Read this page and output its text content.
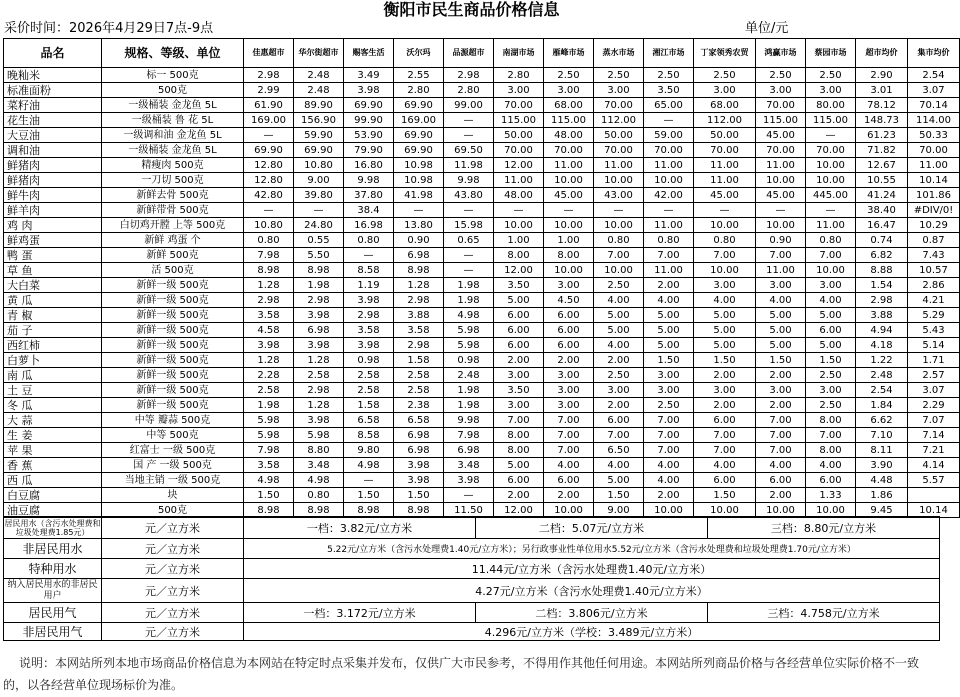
衡阳市民生商品价格信息
采价时间：2026年4月29日7点-9点	单位/元
品名	规格、等级、单位	佳惠超市	华尔街超市	赐客生活	沃尔玛	品源超市	南湖市场	雁峰市场	蒸水市场	湘江市场	丁家领秀农贸	鸿赢市场	蔡园市场	超市均价	集市均价
晚籼米	标一 500克	2.98	2.48	3.49	2.55	2.98	2.80	2.50	2.50	2.50	2.50	2.50	2.50	2.90	2.54
标准面粉	500克	2.99	2.48	3.98	2.80	2.80	3.00	3.00	3.00	3.50	3.00	3.00	3.00	3.01	3.07
菜籽油	一级桶装 金龙鱼 5L	61.90	89.90	69.90	69.90	99.00	70.00	68.00	70.00	65.00	68.00	70.00	80.00	78.12	70.14
花生油	一级桶装 鲁 花 5L	169.00	156.90	99.90	169.00	—	115.00	115.00	112.00	—	112.00	115.00	115.00	148.73	114.00
大豆油	一级调和油 金龙鱼 5L	—	59.90	53.90	69.90	—	50.00	48.00	50.00	59.00	50.00	45.00	—	61.23	50.33
调和油	一级桶装 金龙鱼 5L	69.90	69.90	79.90	69.90	69.50	70.00	70.00	70.00	70.00	70.00	70.00	70.00	71.82	70.00
鲜猪肉	精瘦肉 500克	12.80	10.80	16.80	10.98	11.98	12.00	11.00	11.00	11.00	11.00	11.00	10.00	12.67	11.00
鲜猪肉	一刀切 500克	12.80	9.00	9.98	10.98	9.98	11.00	10.00	10.00	10.00	11.00	10.00	10.00	10.55	10.14
鲜牛肉	新鲜去骨 500克	42.80	39.80	37.80	41.98	43.80	48.00	45.00	43.00	42.00	45.00	45.00	445.00	41.24	101.86
鲜羊肉	新鲜带骨 500克	—	—	38.4	—	—	—	—	—	—	—	—	—	38.40	#DIV/0!
鸡 肉	白切鸡开膛 上等 500克	10.80	24.80	16.98	13.80	15.98	10.00	10.00	10.00	11.00	10.00	10.00	11.00	16.47	10.29
鲜鸡蛋	新鲜 鸡蛋 个	0.80	0.55	0.80	0.90	0.65	1.00	1.00	0.80	0.80	0.80	0.90	0.80	0.74	0.87
鸭 蛋	新鲜 500克	7.98	5.50	—	6.98	—	8.00	8.00	7.00	7.00	7.00	7.00	7.00	6.82	7.43
草 鱼	活 500克	8.98	8.98	8.58	8.98	—	12.00	10.00	10.00	11.00	10.00	11.00	10.00	8.88	10.57
大白菜	新鲜一级 500克	1.28	1.98	1.19	1.28	1.98	3.50	3.00	2.50	2.00	3.00	3.00	3.00	1.54	2.86
黄 瓜	新鲜一级 500克	2.98	2.98	3.98	2.98	1.98	5.00	4.50	4.00	4.00	4.00	4.00	4.00	2.98	4.21
青 椒	新鲜一级 500克	3.58	3.98	2.98	3.88	4.98	6.00	6.00	5.00	5.00	5.00	5.00	5.00	3.88	5.29
茄 子	新鲜一级 500克	4.58	6.98	3.58	3.58	5.98	6.00	6.00	5.00	5.00	5.00	5.00	6.00	4.94	5.43
西红柿	新鲜一级 500克	3.98	3.98	3.98	2.98	5.98	6.00	6.00	4.00	5.00	5.00	5.00	5.00	4.18	5.14
白萝卜	新鲜一级 500克	1.28	1.28	0.98	1.58	0.98	2.00	2.00	2.00	1.50	1.50	1.50	1.50	1.22	1.71
南 瓜	新鲜一级 500克	2.28	2.58	2.58	2.58	2.48	3.00	3.00	2.50	3.00	2.00	2.00	2.50	2.48	2.57
土 豆	新鲜一级 500克	2.58	2.98	2.58	2.58	1.98	3.50	3.00	3.00	3.00	3.00	3.00	3.00	2.54	3.07
冬 瓜	新鲜一级 500克	1.98	1.28	1.58	2.38	1.98	3.00	3.00	2.00	2.50	2.00	2.00	2.50	1.84	2.29
大 蒜	中等 瓣蒜 500克	5.98	3.98	6.58	6.58	9.98	7.00	7.00	6.00	7.00	6.00	7.00	8.00	6.62	7.07
生 姜	中等 500克	5.98	5.98	8.58	6.98	7.98	8.00	7.00	7.00	7.00	7.00	7.00	7.00	7.10	7.14
苹 果	红富士 一级 500克	7.98	8.80	9.80	6.98	6.98	8.00	7.00	6.50	7.00	7.00	7.00	8.00	8.11	7.21
香 蕉	国 产 一级 500克	3.58	3.48	4.98	3.98	3.48	5.00	4.00	4.00	4.00	4.00	4.00	4.00	3.90	4.14
西 瓜	当地主销 一级 500克	4.98	4.98	—	3.98	3.98	6.00	6.00	5.00	4.00	6.00	6.00	6.00	4.48	5.57
白豆腐	块	1.50	0.80	1.50	1.50	—	2.00	2.00	1.50	2.00	1.50	2.00	1.33	1.86	
油豆腐	500克	8.98	8.98	8.98	8.98	11.50	12.00	10.00	9.00	10.00	10.00	10.00	10.00	9.45	10.14
居民用水（含污水处理费和垃圾处理费1.85元）	元／立方米	一档：3.82元/立方米	二档：5.07元/立方米	三档：8.80元/立方米
非居民用水	元／立方米	5.22元/立方米（含污水处理费1.40元/立方米）；另行政事业性单位用水5.52元/立方米（含污水处理费和垃圾处理费1.70元/立方米）		
特种用水	元／立方米	11.44元/立方米（含污水处理费1.40元/立方米）		
纳入居民用水的非居民用户	元／立方米	4.27元/立方米（含污水处理费1.40元/立方米）		
居民用气	元／立方米	一档：3.172元/立方米	二档：3.806元/立方米	三档：4.758元/立方米
非居民用气	元／立方米	4.296元/立方米（学校：3.489元/立方米）		
说明：本网站所列本地市场商品价格信息为本网站在特定时点采集并发布，仅供广大市民参考，不得用作其他任何用途。本网站所列商品价格与各经营单位实际价格不一致的，以各经营单位现场标价为准。
